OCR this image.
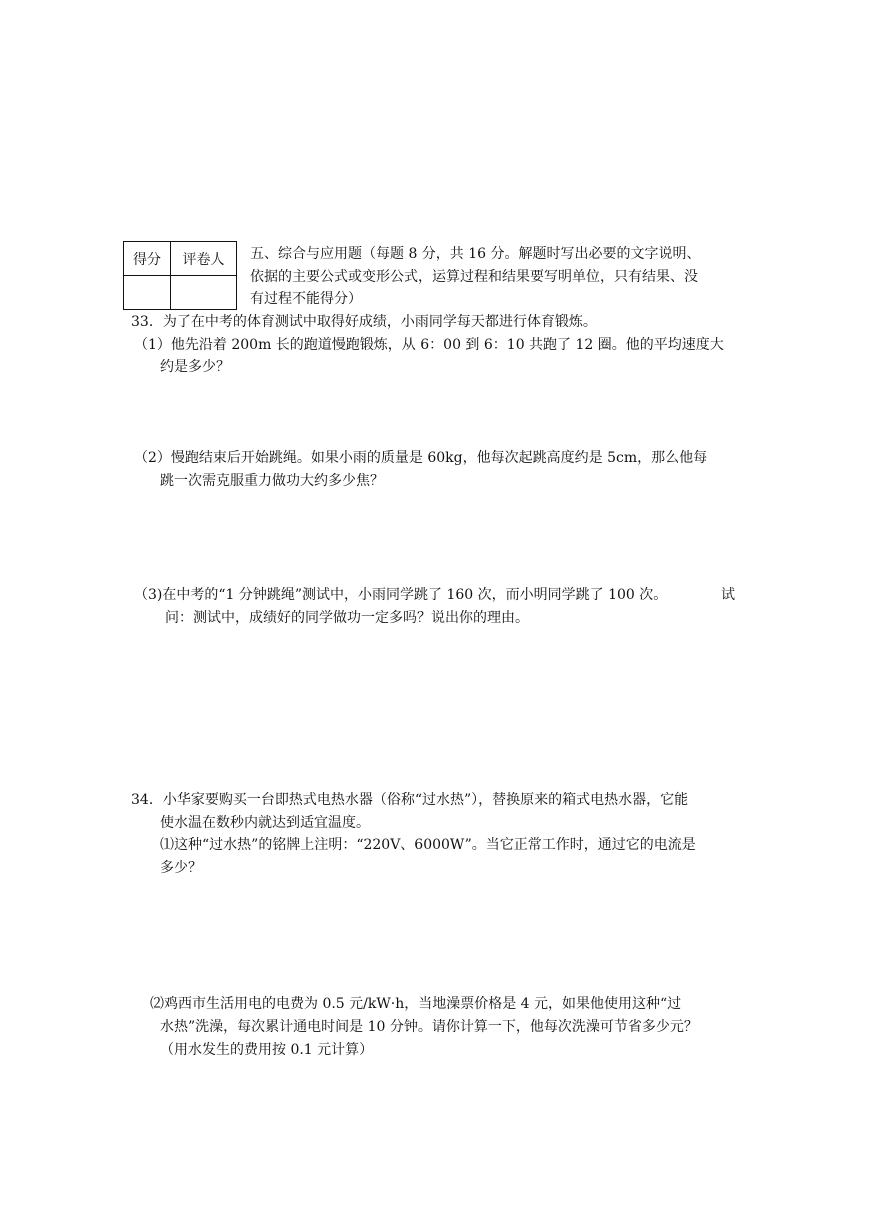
得分	评卷人
	五、综合与应用题（每题 8 分，共 16 分。解题时写出必要的文字说明、
依据的主要公式或变形公式，运算过程和结果要写明单位，只有结果、没
有过程不能得分）
33．为了在中考的体育测试中取得好成绩，小雨同学每天都进行体育锻炼。
（1）他先沿着 200m 长的跑道慢跑锻炼，从 6：00 到 6：10 共跑了 12 圈。他的平均速度大
约是多少？
（2）慢跑结束后开始跳绳。如果小雨的质量是 60kg，他每次起跳高度约是 5cm，那么他每
跳一次需克服重力做功大约多少焦？
（3)在中考的“1 分钟跳绳”测试中，小雨同学跳了 160 次，而小明同学跳了 100 次。	试
问：测试中，成绩好的同学做功一定多吗？说出你的理由。
34．小华家要购买一台即热式电热水器（俗称“过水热”），替换原来的箱式电热水器，它能
使水温在数秒内就达到适宜温度。
⑴这种“过水热”的铭牌上注明：“220V、6000W”。当它正常工作时，通过它的电流是
多少？
⑵鸡西市生活用电的电费为 0.5 元/kW·h，当地澡票价格是 4 元，如果他使用这种“过
水热”洗澡，每次累计通电时间是 10 分钟。请你计算一下，他每次洗澡可节省多少元？
（用水发生的费用按 0.1 元计算）
